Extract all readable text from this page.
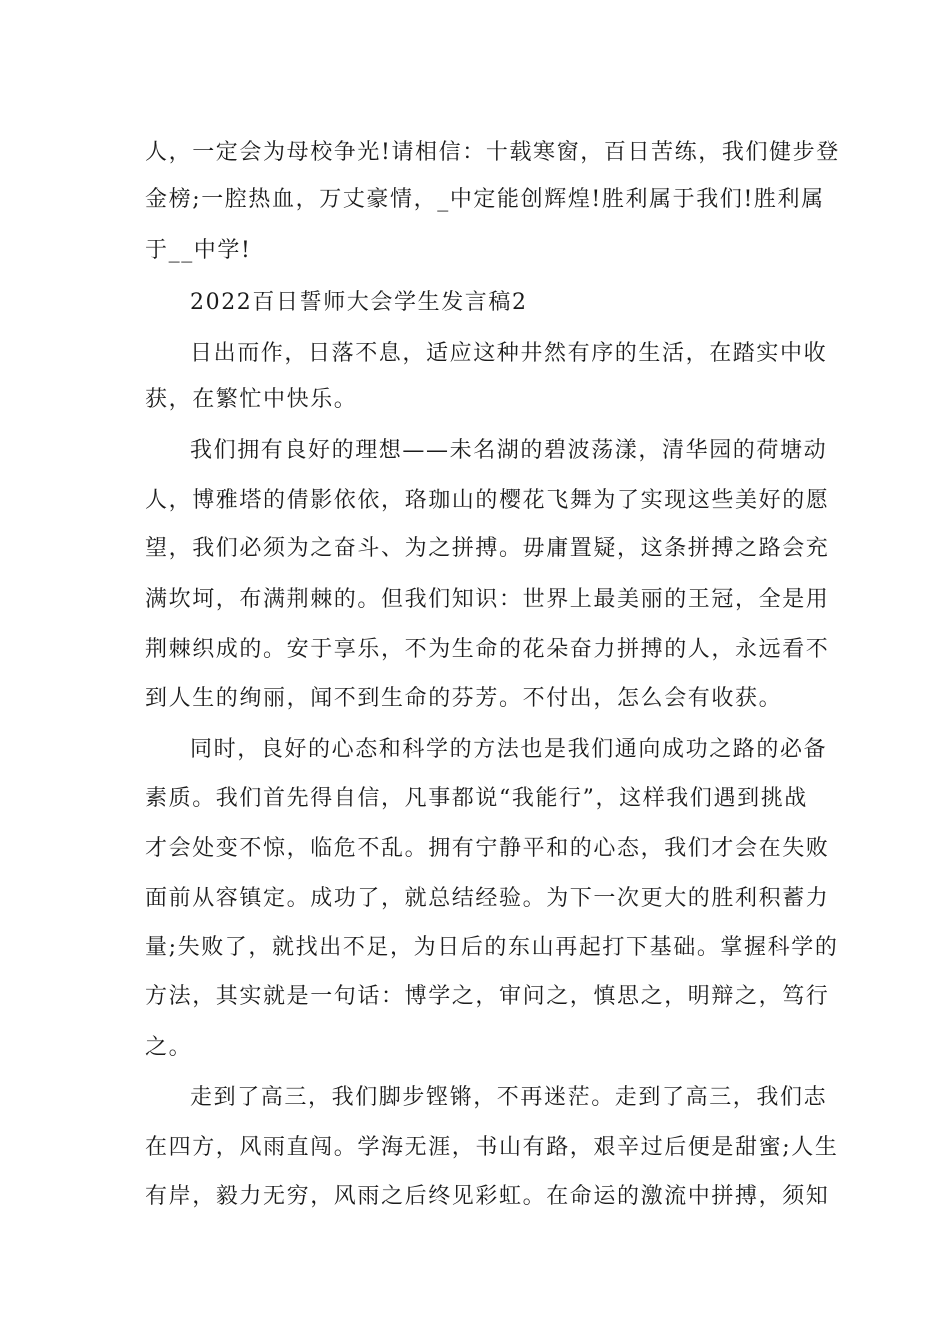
人，一定会为母校争光!请相信：十载寒窗，百日苦练，我们健步登
金榜;一腔热血，万丈豪情，_中定能创辉煌!胜利属于我们!胜利属
于__中学!
2022百日誓师大会学生发言稿2
日出而作，日落不息，适应这种井然有序的生活，在踏实中收
获，在繁忙中快乐。
我们拥有良好的理想——未名湖的碧波荡漾，清华园的荷塘动
人，博雅塔的倩影依依，珞珈山的樱花飞舞为了实现这些美好的愿
望，我们必须为之奋斗、为之拼搏。毋庸置疑，这条拼搏之路会充
满坎坷，布满荆棘的。但我们知识：世界上最美丽的王冠，全是用
荆棘织成的。安于享乐，不为生命的花朵奋力拼搏的人，永远看不
到人生的绚丽，闻不到生命的芬芳。不付出，怎么会有收获。
同时，良好的心态和科学的方法也是我们通向成功之路的必备
素质。我们首先得自信，凡事都说“我能行”，这样我们遇到挑战
才会处变不惊，临危不乱。拥有宁静平和的心态，我们才会在失败
面前从容镇定。成功了，就总结经验。为下一次更大的胜利积蓄力
量;失败了，就找出不足，为日后的东山再起打下基础。掌握科学的
方法，其实就是一句话：博学之，审问之，慎思之，明辩之，笃行
之。
走到了高三，我们脚步铿锵，不再迷茫。走到了高三，我们志
在四方，风雨直闯。学海无涯，书山有路，艰辛过后便是甜蜜;人生
有岸，毅力无穷，风雨之后终见彩虹。在命运的激流中拼搏，须知
